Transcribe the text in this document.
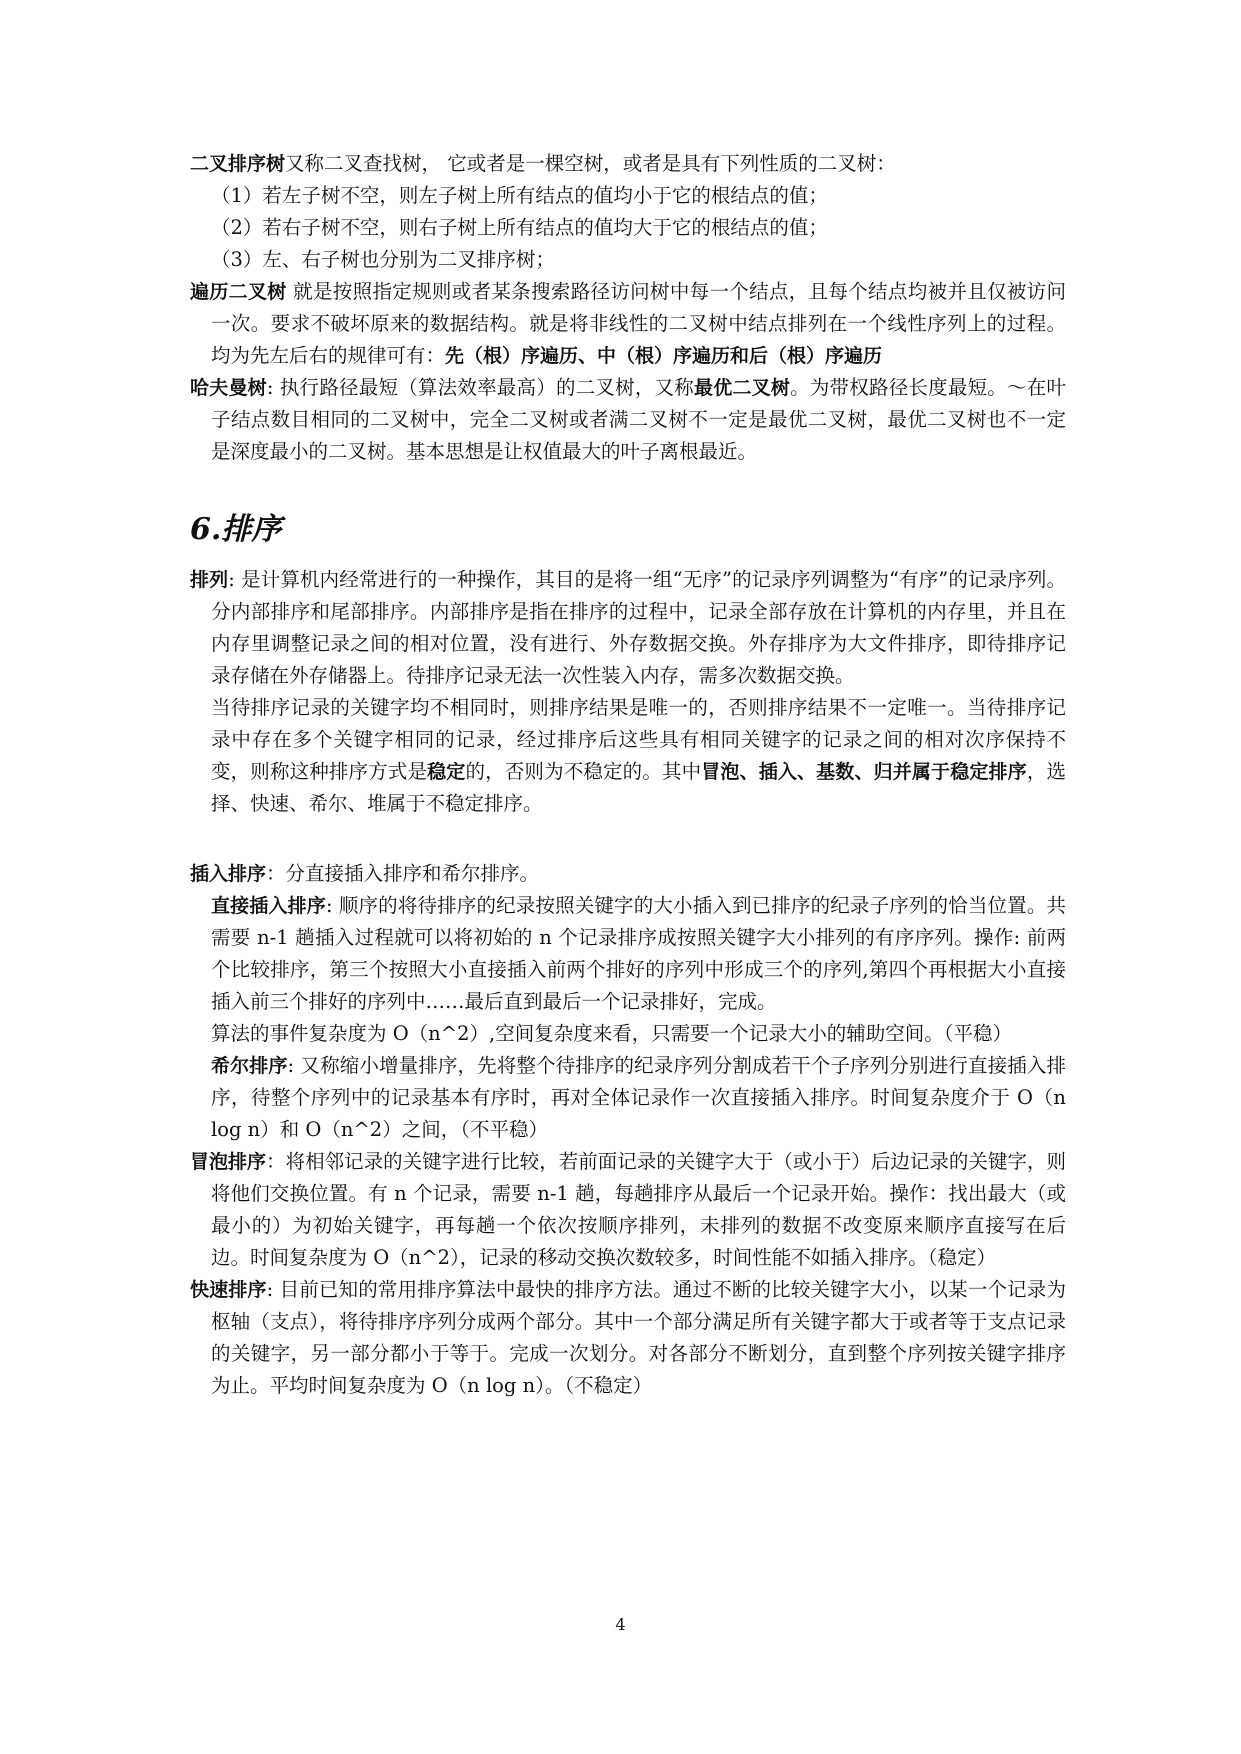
二叉排序树又称二叉查找树， 它或者是一棵空树，或者是具有下列性质的二叉树：

（1）若左子树不空，则左子树上所有结点的值均小于它的根结点的值；

（2）若右子树不空，则右子树上所有结点的值均大于它的根结点的值；

（3）左、右子树也分别为二叉排序树；

遍历二叉树 就是按照指定规则或者某条搜索路径访问树中每一个结点，且每个结点均被并且仅被访问一次。要求不破坏原来的数据结构。就是将非线性的二叉树中结点排列在一个线性序列上的过程。均为先左后右的规律可有：先（根）序遍历、中（根）序遍历和后（根）序遍历

哈夫曼树: 执行路径最短（算法效率最高）的二叉树，又称最优二叉树。为带权路径长度最短。～在叶子结点数目相同的二叉树中，完全二叉树或者满二叉树不一定是最优二叉树，最优二叉树也不一定是深度最小的二叉树。基本思想是让权值最大的叶子离根最近。

6.排序

排列: 是计算机内经常进行的一种操作，其目的是将一组“无序”的记录序列调整为“有序”的记录序列。分内部排序和尾部排序。内部排序是指在排序的过程中，记录全部存放在计算机的内存里，并且在内存里调整记录之间的相对位置，没有进行、外存数据交换。外存排序为大文件排序，即待排序记录存储在外存储器上。待排序记录无法一次性装入内存，需多次数据交换。

当待排序记录的关键字均不相同时，则排序结果是唯一的，否则排序结果不一定唯一。当待排序记录中存在多个关键字相同的记录，经过排序后这些具有相同关键字的记录之间的相对次序保持不变，则称这种排序方式是稳定的，否则为不稳定的。其中冒泡、插入、基数、归并属于稳定排序，选择、快速、希尔、堆属于不稳定排序。

插入排序：分直接插入排序和希尔排序。

直接插入排序: 顺序的将待排序的纪录按照关键字的大小插入到已排序的纪录子序列的恰当位置。共需要 n-1 趟插入过程就可以将初始的 n 个记录排序成按照关键字大小排列的有序序列。操作: 前两个比较排序，第三个按照大小直接插入前两个排好的序列中形成三个的序列,第四个再根据大小直接插入前三个排好的序列中……最后直到最后一个记录排好，完成。

算法的事件复杂度为 O（n^2）,空间复杂度来看，只需要一个记录大小的辅助空间。（平稳）

希尔排序: 又称缩小增量排序，先将整个待排序的纪录序列分割成若干个子序列分别进行直接插入排序，待整个序列中的记录基本有序时，再对全体记录作一次直接插入排序。时间复杂度介于 O（n log n）和 O（n^2）之间，（不平稳）

冒泡排序：将相邻记录的关键字进行比较，若前面记录的关键字大于（或小于）后边记录的关键字，则将他们交换位置。有 n 个记录，需要 n-1 趟，每趟排序从最后一个记录开始。操作：找出最大（或最小的）为初始关键字，再每趟一个依次按顺序排列，未排列的数据不改变原来顺序直接写在后边。时间复杂度为 O（n^2），记录的移动交换次数较多，时间性能不如插入排序。（稳定）

快速排序: 目前已知的常用排序算法中最快的排序方法。通过不断的比较关键字大小，以某一个记录为枢轴（支点），将待排序序列分成两个部分。其中一个部分满足所有关键字都大于或者等于支点记录的关键字，另一部分都小于等于。完成一次划分。对各部分不断划分，直到整个序列按关键字排序为止。平均时间复杂度为 O（n log n）。（不稳定）

4
